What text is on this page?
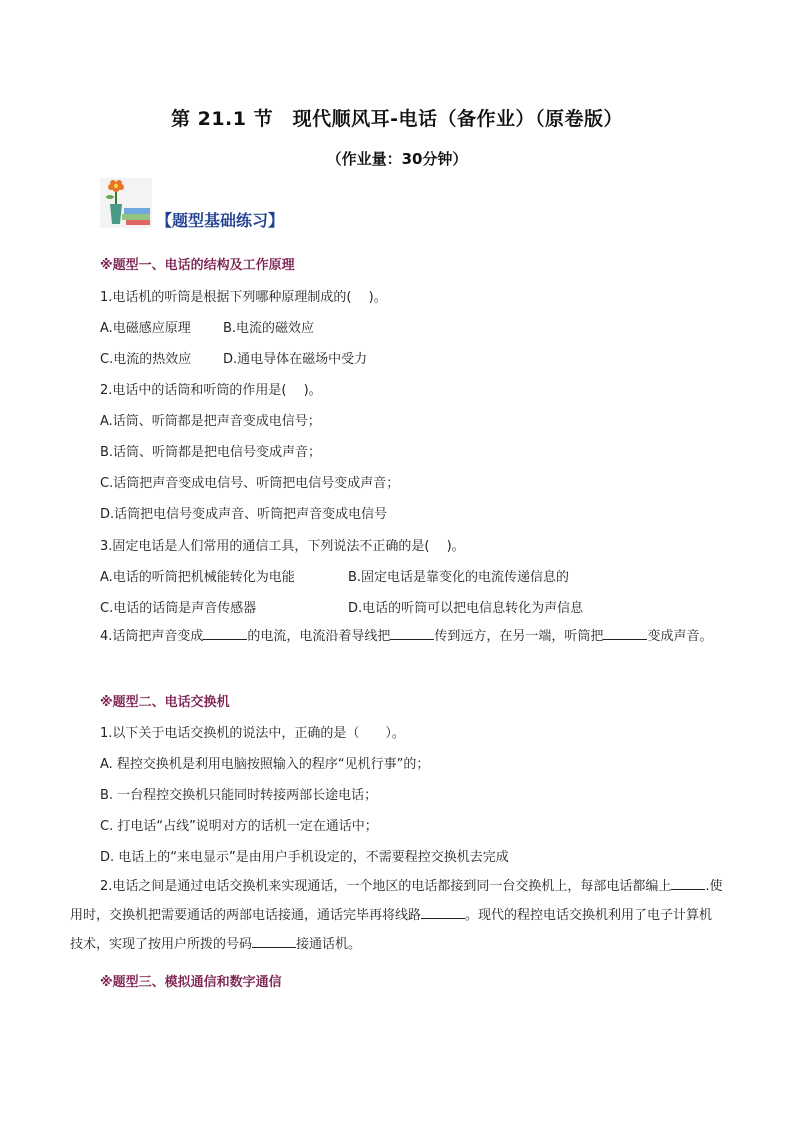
第 21.1 节　现代顺风耳-电话（备作业）（原卷版）
（作业量：30分钟）
【题型基础练习】
※题型一、电话的结构及工作原理
1.电话机的听筒是根据下列哪种原理制成的(　 )。
A.电磁感应原理 B.电流的磁效应
C.电流的热效应 D.通电导体在磁场中受力
2.电话中的话筒和听筒的作用是(　 )。
A.话筒、听筒都是把声音变成电信号；
B.话筒、听筒都是把电信号变成声音；
C.话筒把声音变成电信号、听筒把电信号变成声音；
D.话筒把电信号变成声音、听筒把声音变成电信号
3.固定电话是人们常用的通信工具，下列说法不正确的是(　 )。
A.电话的听筒把机械能转化为电能	B.固定电话是靠变化的电流传递信息的
C.电话的话筒是声音传感器	D.电话的听筒可以把电信息转化为声信息

4.话筒把声音变成	的电流，电流沿着导线把	传到远方，在另一端，听筒把	变成声音。

※题型二、电话交换机
1.以下关于电话交换机的说法中，正确的是（　　）。
A. 程控交换机是利用电脑按照输入的程序“见机行事”的；
B. 一台程控交换机只能同时转接两部长途电话；
C. 打电话“占线”说明对方的话机一定在通话中；
D. 电话上的“来电显示”是由用户手机设定的，不需要程控交换机去完成

2.电话之间是通过电话交换机来实现通话，一个地区的电话都接到同一台交换机上，每部电话都编上	.使用时，交换机把需要通话的两部电话接通，通话完毕再将线路	。现代的程控电话交换机利用了电子计算机技术，实现了按用户所拨的号码	接通话机。

※题型三、模拟通信和数字通信
